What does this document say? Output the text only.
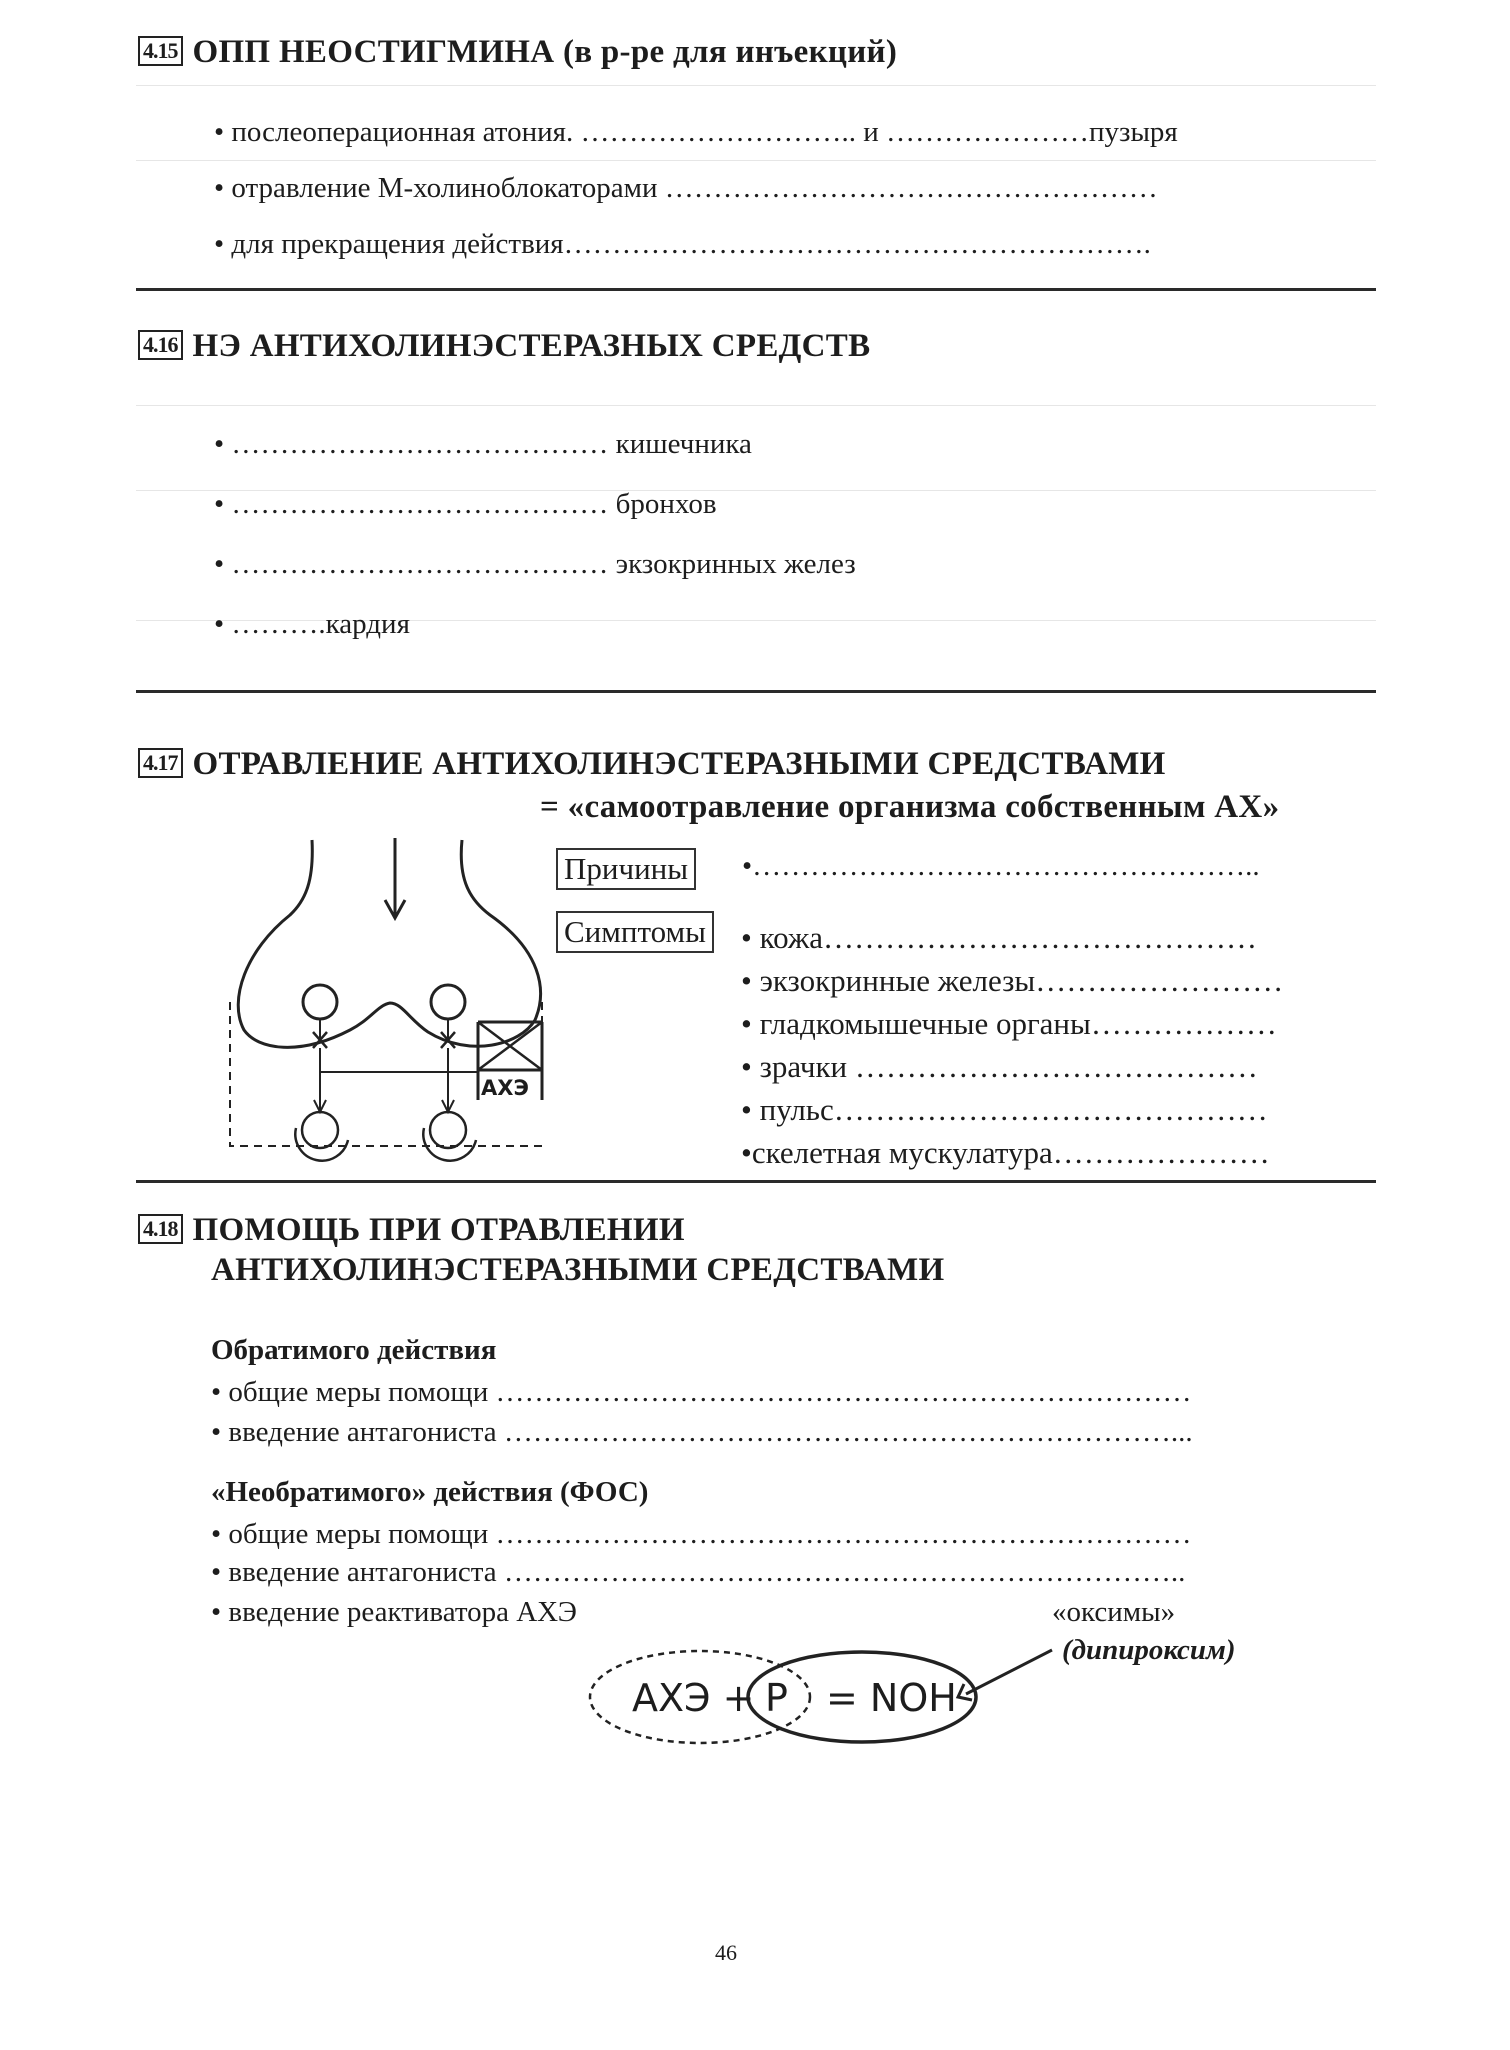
4.15 ОПП НЕОСТИГМИНА (в р-ре для инъекций)
• послеоперационная атония. ……………………….. и …………………пузыря
• отравление М-холиноблокаторами ……………………………………………
• для прекращения действия…………………………………………………….
4.16 НЭ АНТИХОЛИНЭСТЕРАЗНЫХ СРЕДСТВ
• ………………………………… кишечника
• ………………………………… бронхов
• ………………………………… экзокринных желез
• ……….кардия
4.17 ОТРАВЛЕНИЕ АНТИХОЛИНЭСТЕРАЗНЫМИ СРЕДСТВАМИ
= «самоотравление организма собственным АХ»
АХЭ
Причины •……………………………………………..
Симптомы • кожа……………………………………
• экзокринные железы……………………
• гладкомышечные органы………………
• зрачки …………………………………
• пульс……………………………………
•скелетная мускулатура…………………
4.18 ПОМОЩЬ ПРИ ОТРАВЛЕНИИ
АНТИХОЛИНЭСТЕРАЗНЫМИ СРЕДСТВАМИ
Обратимого действия
• общие меры помощи ………………………………………………………………
• введение антагониста ……………………………………………………………...
«Необратимого» действия (ФОС)
• общие меры помощи ………………………………………………………………
• введение антагониста ……………………………………………………………..
• введение реактиватора АХЭ	«оксимы»
(дипироксим)
АХЭ + P = NOH
46
